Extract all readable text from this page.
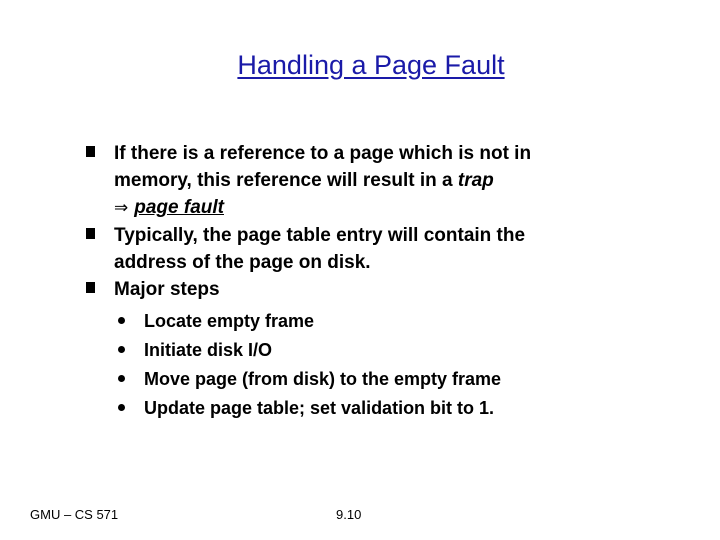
Handling a Page Fault
If there is a reference to a page which is not in
memory, this reference will result in a trap
⇒ page fault
Typically, the page table entry will contain the
address of the page on disk.
Major steps
Locate empty frame
Initiate disk I/O
Move page (from disk) to the empty frame
Update page table; set validation bit to 1.
GMU – CS 571	9.10
